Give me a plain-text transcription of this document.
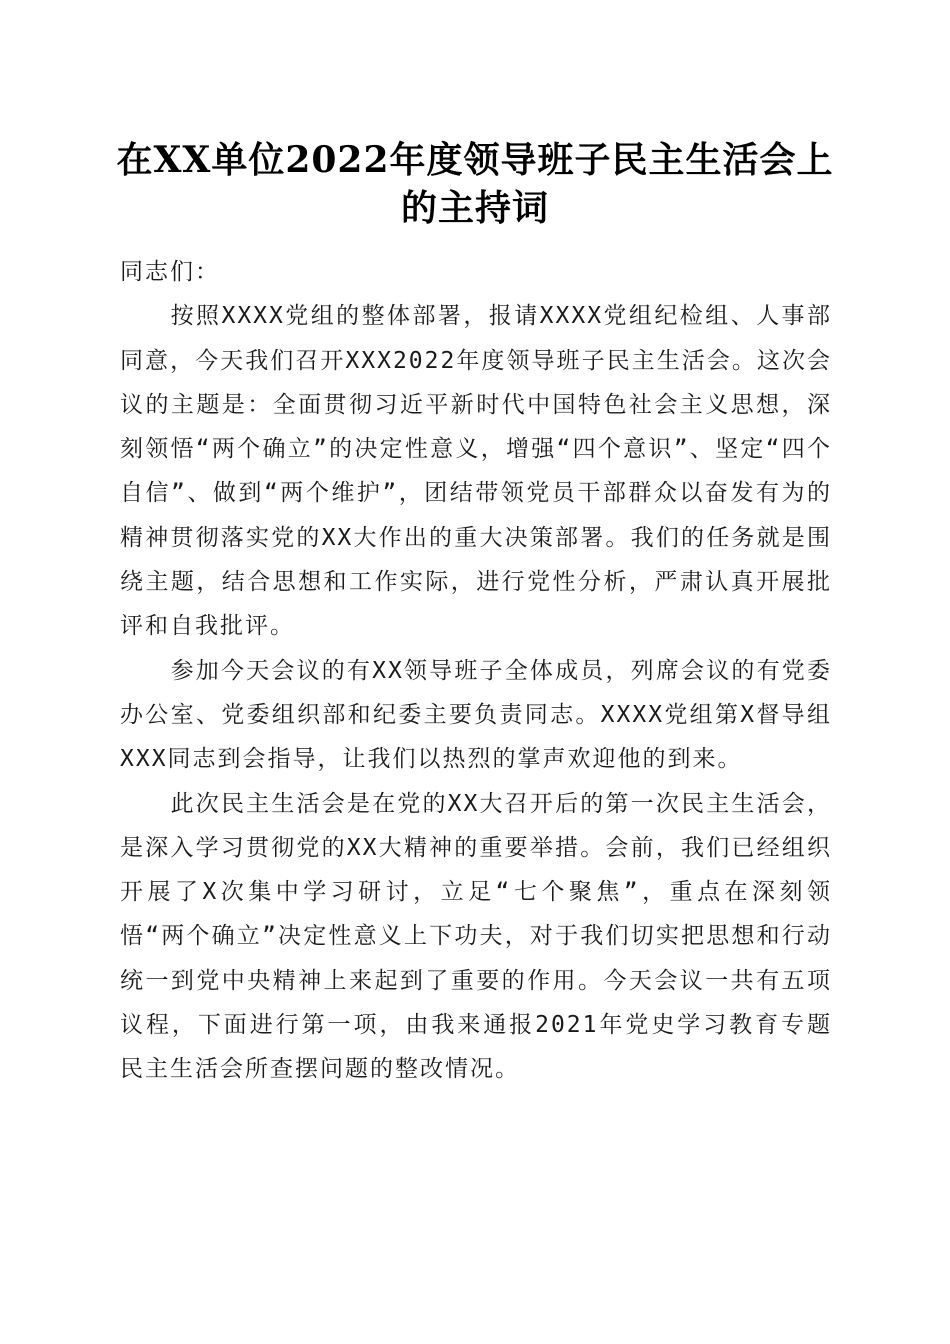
在XX单位2022年度领导班子民主生活会上
的主持词

同志们：

按照XXXX党组的整体部署，报请XXXX党组纪检组、人事部同意，今天我们召开XXX2022年度领导班子民主生活会。这次会议的主题是：全面贯彻习近平新时代中国特色社会主义思想，深刻领悟“两个确立”的决定性意义，增强“四个意识”、坚定“四个自信”、做到“两个维护”，团结带领党员干部群众以奋发有为的精神贯彻落实党的XX大作出的重大决策部署。我们的任务就是围绕主题，结合思想和工作实际，进行党性分析，严肃认真开展批评和自我批评。

参加今天会议的有XX领导班子全体成员，列席会议的有党委办公室、党委组织部和纪委主要负责同志。XXXX党组第X督导组XXX同志到会指导，让我们以热烈的掌声欢迎他的到来。

此次民主生活会是在党的XX大召开后的第一次民主生活会，是深入学习贯彻党的XX大精神的重要举措。会前，我们已经组织开展了X次集中学习研讨，立足“七个聚焦”，重点在深刻领悟“两个确立”决定性意义上下功夫，对于我们切实把思想和行动统一到党中央精神上来起到了重要的作用。今天会议一共有五项议程，下面进行第一项，由我来通报2021年党史学习教育专题民主生活会所查摆问题的整改情况。
